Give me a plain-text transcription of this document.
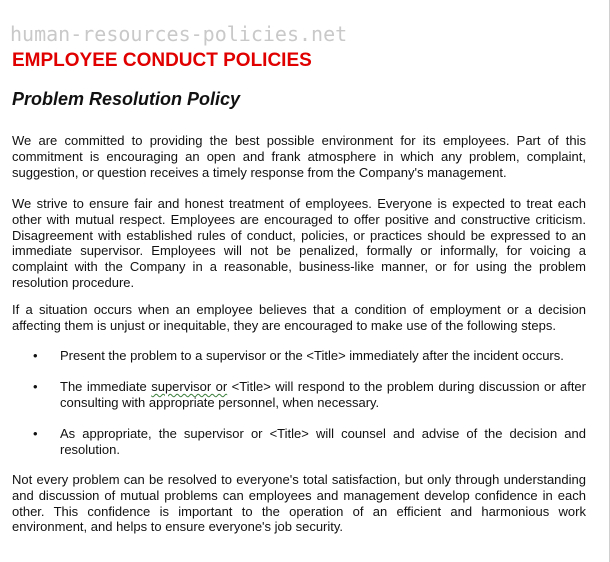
human-resources-policies.net
EMPLOYEE CONDUCT POLICIES
Problem Resolution Policy

We are committed to providing the best possible environment for its employees. Part of this commitment is encouraging an open and frank atmosphere in which any problem, complaint, suggestion, or question receives a timely response from the Company's management.

We strive to ensure fair and honest treatment of employees. Everyone is expected to treat each other with mutual respect. Employees are encouraged to offer positive and constructive criticism. Disagreement with established rules of conduct, policies, or practices should be expressed to an immediate supervisor. Employees will not be penalized, formally or informally, for voicing a complaint with the Company in a reasonable, business-like manner, or for using the problem resolution procedure.

If a situation occurs when an employee believes that a condition of employment or a decision affecting them is unjust or inequitable, they are encouraged to make use of the following steps.

•	Present the problem to a supervisor or the <Title> immediately after the incident occurs.

•	The immediate supervisor or <Title> will respond to the problem during discussion or after consulting with appropriate personnel, when necessary.

•	As appropriate, the supervisor or <Title> will counsel and advise of the decision and resolution.

Not every problem can be resolved to everyone's total satisfaction, but only through understanding and discussion of mutual problems can employees and management develop confidence in each other. This confidence is important to the operation of an efficient and harmonious work environment, and helps to ensure everyone's job security.
